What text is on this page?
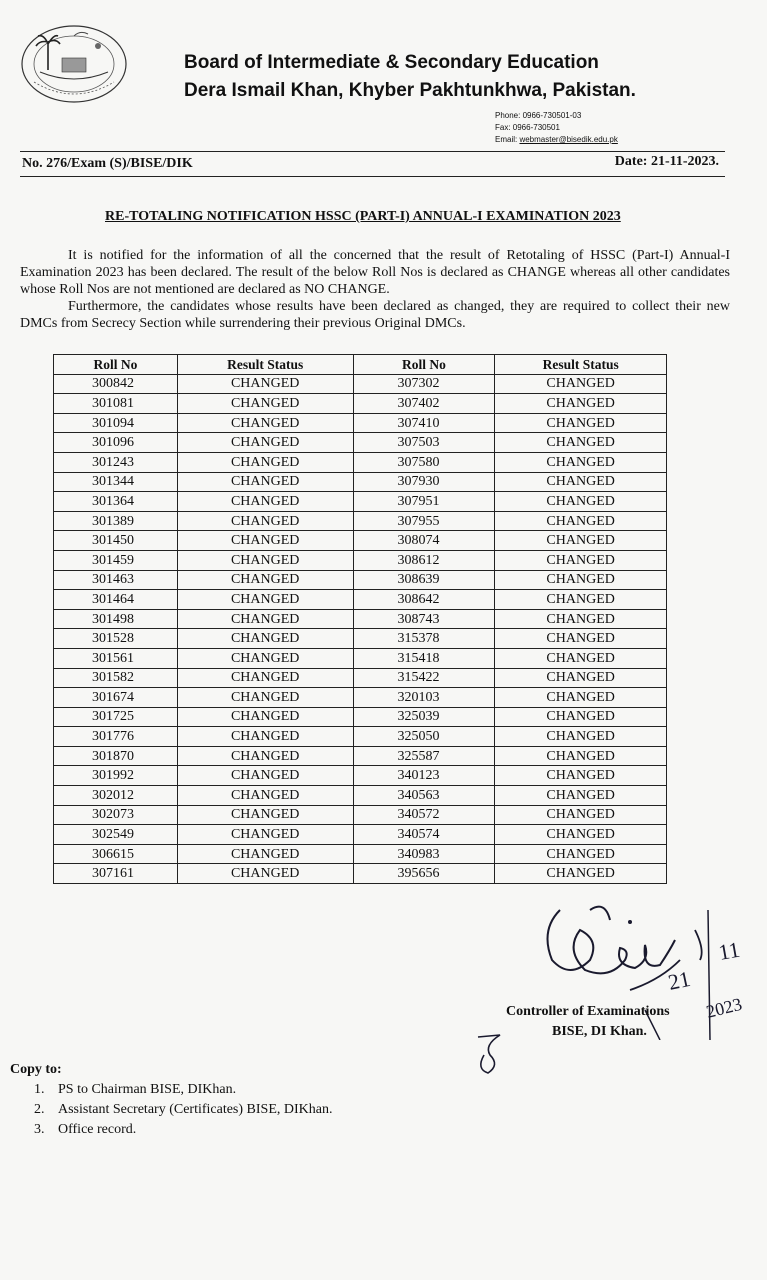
Board of Intermediate & Secondary Education
Dera Ismail Khan, Khyber Pakhtunkhwa, Pakistan.
Phone: 0966-730501-03
Fax: 0966-730501
Email: webmaster@bisedik.edu.pk
No. 276/Exam (S)/BISE/DIK	Date: 21-11-2023.
RE-TOTALING NOTIFICATION HSSC (PART-I) ANNUAL-I EXAMINATION 2023
It is notified for the information of all the concerned that the result of Retotaling of HSSC (Part-I) Annual-I Examination 2023 has been declared. The result of the below Roll Nos is declared as CHANGE whereas all other candidates whose Roll Nos are not mentioned are declared as NO CHANGE.
Furthermore, the candidates whose results have been declared as changed, they are required to collect their new DMCs from Secrecy Section while surrendering their previous Original DMCs.
Roll No	Result Status	Roll No	Result Status
300842	CHANGED	307302	CHANGED
301081	CHANGED	307402	CHANGED
301094	CHANGED	307410	CHANGED
301096	CHANGED	307503	CHANGED
301243	CHANGED	307580	CHANGED
301344	CHANGED	307930	CHANGED
301364	CHANGED	307951	CHANGED
301389	CHANGED	307955	CHANGED
301450	CHANGED	308074	CHANGED
301459	CHANGED	308612	CHANGED
301463	CHANGED	308639	CHANGED
301464	CHANGED	308642	CHANGED
301498	CHANGED	308743	CHANGED
301528	CHANGED	315378	CHANGED
301561	CHANGED	315418	CHANGED
301582	CHANGED	315422	CHANGED
301674	CHANGED	320103	CHANGED
301725	CHANGED	325039	CHANGED
301776	CHANGED	325050	CHANGED
301870	CHANGED	325587	CHANGED
301992	CHANGED	340123	CHANGED
302012	CHANGED	340563	CHANGED
302073	CHANGED	340572	CHANGED
302549	CHANGED	340574	CHANGED
306615	CHANGED	340983	CHANGED
307161	CHANGED	395656	CHANGED
21
11
2023
Controller of Examinations
BISE, DI Khan.
Copy to:
1. PS to Chairman BISE, DIKhan.
2. Assistant Secretary (Certificates) BISE, DIKhan.
3. Office record.
